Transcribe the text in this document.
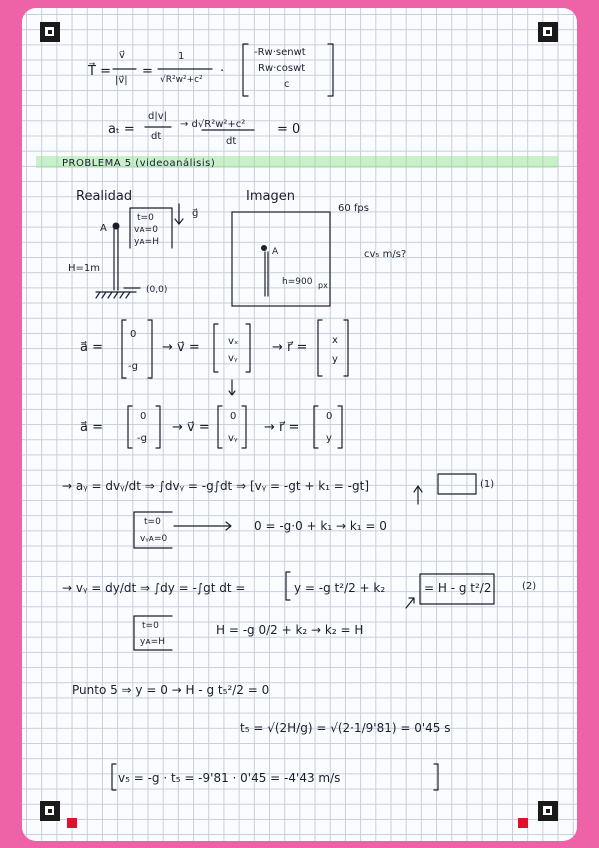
T⃗ =
v⃗
|v⃗|
=
1
√R²w²+c²
·
-Rw·senwt
Rw·coswt
c
aₜ =
d|v|
dt
→ d√R²w²+c²
dt
= 0
PROBLEMA 5 (videoanálisis)
Realidad	Imagen
60 fps
cv₅ m/s?
A
t=0
vᴀ=0
yᴀ=H
g⃗
H=1m
(0,0)
A
h=900 px
a⃗ =
0
-g
→ v⃗ =	vₓ
vᵧ
→ r⃗ = x
y
a⃗ =
0
-g
→ v⃗ =
0
vᵧ
→ r⃗ =
0
y
→ aᵧ = dvᵧ/dt ⇒ ∫dvᵧ = -g∫dt ⇒ [vᵧ = -gt + k₁ = -gt]	(1)
t=0
vᵧᴀ=0
0 = -g·0 + k₁ → k₁ = 0
→ vᵧ = dy/dt ⇒ ∫dy = -∫gt dt =	y = -g t²/2 + k₂	= H - g t²/2	(2)
t=0
yᴀ=H
H = -g 0/2 + k₂ → k₂ = H
Punto 5 ⇒ y = 0 → H - g t₅²/2 = 0
t₅ = √(2H/g) = √(2·1/9'81) = 0'45 s
v₅ = -g · t₅ = -9'81 · 0'45 = -4'43 m/s
